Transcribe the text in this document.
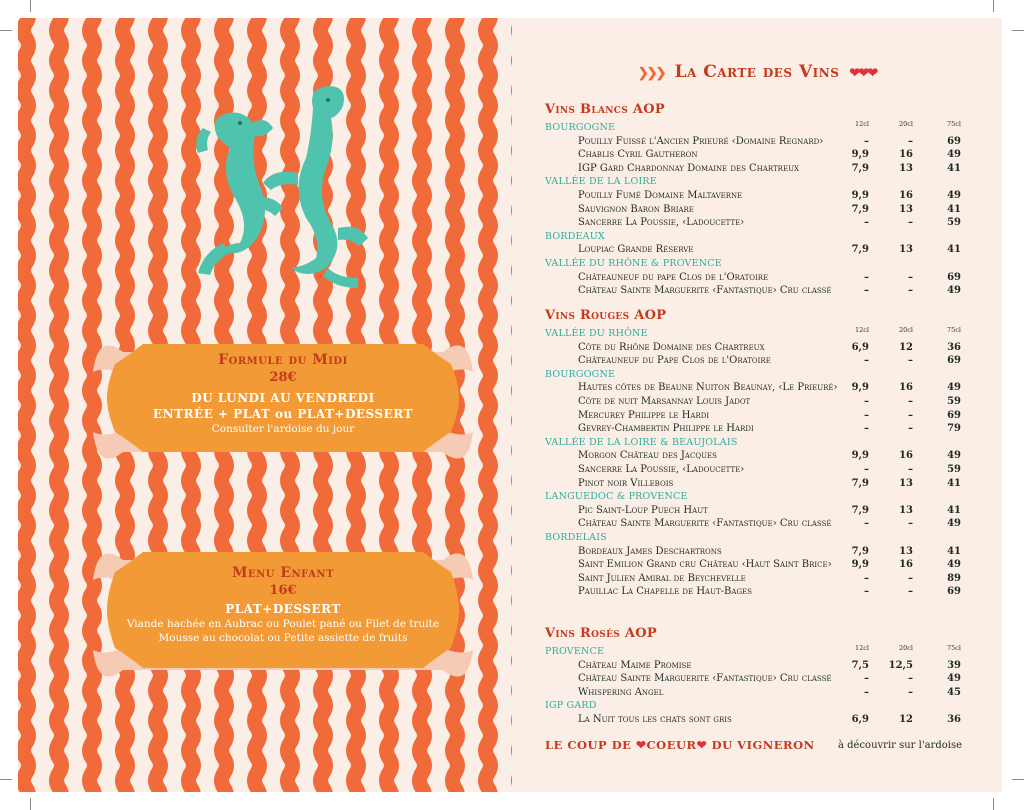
Formule du Midi
28€
DU LUNDI AU VENDREDI
ENTRÉE + PLAT ou PLAT+DESSERT
Consulter l'ardoise du jour
Menu Enfant
16€
PLAT+DESSERT
Viande hachée en Aubrac ou Poulet pané ou Filet de truite
Mousse au chocolat ou Petite assiette de fruits
❯❯❯ La Carte des Vins ❤❤❤
Vins Blancs AOP
12cl	20cl	75cl
BOURGOGNE
Pouilly Fuissé l'Ancien Prieuré ‹Domaine Regnard›	–	–	69
Chablis Cyril Gautheron	9,9	16	49
IGP Gard Chardonnay Domaine des Chartreux	7,9	13	41
VALLÉE DE LA LOIRE
Pouilly Fumé Domaine Maltaverne	9,9	16	49
Sauvignon Baron Briare	7,9	13	41
Sancerre La Poussie, ‹Ladoucette›	–	–	59
BORDEAUX
Loupiac Grande Réserve	7,9	13	41
VALLÉE DU RHÔNE & PROVENCE
Châteauneuf du pape Clos de l'Oratoire	–	–	69
Château Sainte Marguerite ‹Fantastique› Cru classé	–	–	49
Vins Rouges AOP
12cl	20cl	75cl
VALLÉE DU RHÔNE
Côte du Rhône Domaine des Chartreux	6,9	12	36
Châteauneuf du Pape Clos de l'Oratoire	–	–	69
BOURGOGNE
Hautes côtes de Beaune Nuiton Beaunay, ‹Le Prieuré›	9,9	16	49
Côte de nuit Marsannay Louis Jadot	–	–	59
Mercurey Philippe le Hardi	–	–	69
Gevrey-Chambertin Philippe le Hardi	–	–	79
VALLÉE DE LA LOIRE & BEAUJOLAIS
Morgon Château des Jacques	9,9	16	49
Sancerre La Poussie, ‹Ladoucette›	–	–	59
Pinot noir Villebois	7,9	13	41
LANGUEDOC & PROVENCE
Pic Saint-Loup Puech Haut	7,9	13	41
Château Sainte Marguerite ‹Fantastique› Cru classé	–	–	49
BORDELAIS
Bordeaux James Deschartrons	7,9	13	41
Saint Emilion Grand cru Château ‹Haut Saint Brice›	9,9	16	49
Saint Julien Amiral de Beychevelle	–	–	89
Pauillac La Chapelle de Haut-Bages	–	–	69
Vins Rosés AOP
12cl	20cl	75cl
PROVENCE
Château Maime Promise	7,5	12,5	39
Château Sainte Marguerite ‹Fantastique› Cru classé	–	–	49
Whispering Angel	–	–	45
IGP GARD
La Nuit tous les chats sont gris	6,9	12	36
LE COUP DE ❤COEUR❤ DU VIGNERON à découvrir sur l'ardoise
